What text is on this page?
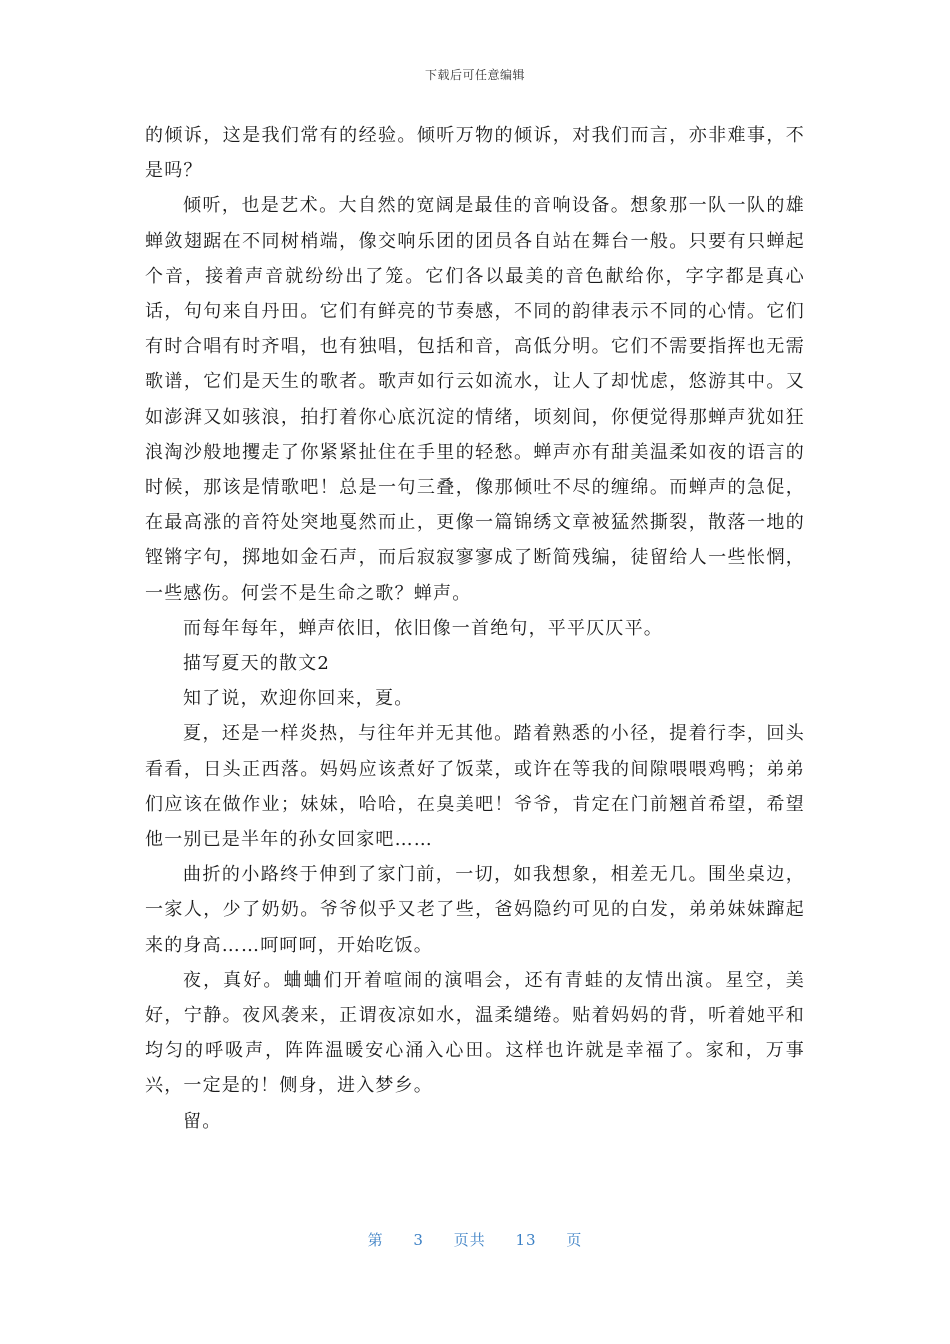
下载后可任意编辑

的倾诉，这是我们常有的经验。倾听万物的倾诉，对我们而言，亦非难事，不是吗？

倾听，也是艺术。大自然的宽阔是最佳的音响设备。想象那一队一队的雄蝉敛翅踞在不同树梢端，像交响乐团的团员各自站在舞台一般。只要有只蝉起个音，接着声音就纷纷出了笼。它们各以最美的音色献给你，字字都是真心话，句句来自丹田。它们有鲜亮的节奏感，不同的韵律表示不同的心情。它们有时合唱有时齐唱，也有独唱，包括和音，高低分明。它们不需要指挥也无需歌谱，它们是天生的歌者。歌声如行云如流水，让人了却忧虑，悠游其中。又如澎湃又如骇浪，拍打着你心底沉淀的情绪，顷刻间，你便觉得那蝉声犹如狂浪淘沙般地攫走了你紧紧扯住在手里的轻愁。蝉声亦有甜美温柔如夜的语言的时候，那该是情歌吧！总是一句三叠，像那倾吐不尽的缠绵。而蝉声的急促，在最高涨的音符处突地戛然而止，更像一篇锦绣文章被猛然撕裂，散落一地的铿锵字句，掷地如金石声，而后寂寂寥寥成了断简残编，徒留给人一些怅惘，一些感伤。何尝不是生命之歌？蝉声。

而每年每年，蝉声依旧，依旧像一首绝句，平平仄仄平。

描写夏天的散文2

知了说，欢迎你回来，夏。

夏，还是一样炎热，与往年并无其他。踏着熟悉的小径，提着行李，回头看看，日头正西落。妈妈应该煮好了饭菜，或许在等我的间隙喂喂鸡鸭；弟弟们应该在做作业；妹妹，哈哈，在臭美吧！爷爷，肯定在门前翘首希望，希望他一别已是半年的孙女回家吧……

曲折的小路终于伸到了家门前，一切，如我想象，相差无几。围坐桌边，一家人，少了奶奶。爷爷似乎又老了些，爸妈隐约可见的白发，弟弟妹妹蹿起来的身高……呵呵呵，开始吃饭。

夜，真好。蛐蛐们开着喧闹的演唱会，还有青蛙的友情出演。星空，美好，宁静。夜风袭来，正谓夜凉如水，温柔缱绻。贴着妈妈的背，听着她平和均匀的呼吸声，阵阵温暖安心涌入心田。这样也许就是幸福了。家和，万事兴，一定是的！侧身，进入梦乡。

留。

第 3 页共 13 页
